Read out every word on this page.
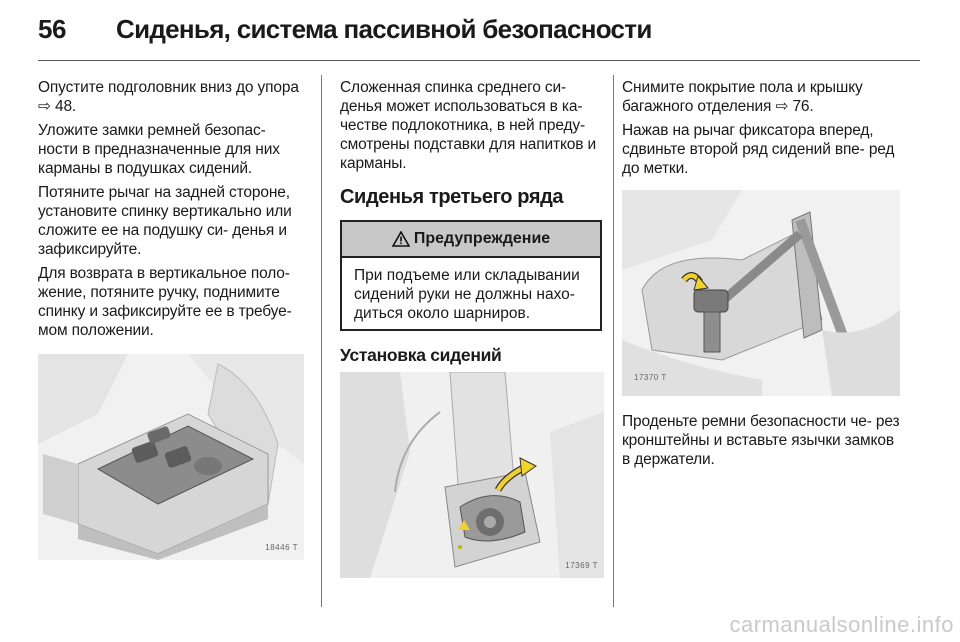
56	Сиденья, система пассивной безопасности

Опустите подголовник вниз до упора ⇨ 48.

Уложите замки ремней безопас- ности в предназначенные для них карманы в подушках сидений.

Потяните рычаг на задней стороне, установите спинку вертикально или сложите ее на подушку си- денья и зафиксируйте.

Для возврата в вертикальное поло- жение, потяните ручку, поднимите спинку и зафиксируйте ее в требуе- мом положении.

18446 T

Сложенная спинка среднего си- денья может использоваться в ка- честве подлокотника, в ней преду- смотрены подставки для напитков и карманы.

Сиденья третьего ряда
Предупреждение
При подъеме или складывании сидений руки не должны нахо- диться около шарниров.
Установка сидений
17369 T

Снимите покрытие пола и крышку багажного отделения ⇨ 76.

Нажав на рычаг фиксатора вперед, сдвиньте второй ряд сидений впе- ред до метки.

17370 T

Проденьте ремни безопасности че- рез кронштейны и вставьте язычки замков в держатели.

carmanualsonline.info
